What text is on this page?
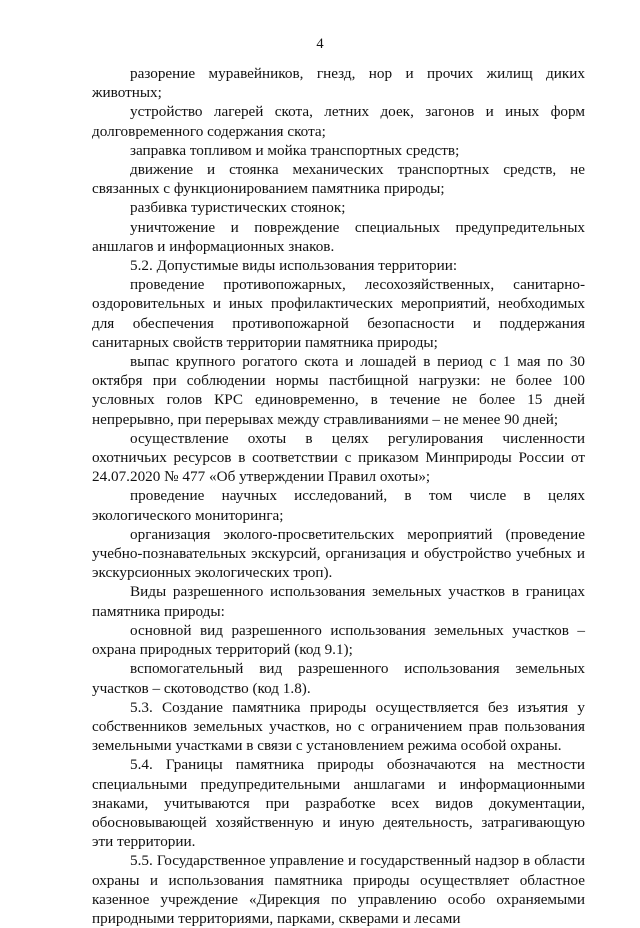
4

разорение муравейников, гнезд, нор и прочих жилищ диких животных;

устройство лагерей скота, летних доек, загонов и иных форм долговременного содержания скота;

заправка топливом и мойка транспортных средств;

движение и стоянка механических транспортных средств, не связанных с функционированием памятника природы;

разбивка туристических стоянок;

уничтожение и повреждение специальных предупредительных аншлагов и информационных знаков.

5.2. Допустимые виды использования территории:

проведение противопожарных, лесохозяйственных, санитарно-оздоровительных и иных профилактических мероприятий, необходимых для обеспечения противопожарной безопасности и поддержания санитарных свойств территории памятника природы;

выпас крупного рогатого скота и лошадей в период с 1 мая по 30 октября при соблюдении нормы пастбищной нагрузки: не более 100 условных голов КРС единовременно, в течение не более 15 дней непрерывно, при перерывах между стравливаниями – не менее 90 дней;

осуществление охоты в целях регулирования численности охотничьих ресурсов в соответствии с приказом Минприроды России от 24.07.2020 № 477 «Об утверждении Правил охоты»;

проведение научных исследований, в том числе в целях экологического мониторинга;

организация эколого-просветительских мероприятий (проведение учебно-познавательных экскурсий, организация и обустройство учебных и экскурсионных экологических троп).

Виды разрешенного использования земельных участков в границах памятника природы:

основной вид разрешенного использования земельных участков – охрана природных территорий (код 9.1);

вспомогательный вид разрешенного использования земельных участков – скотоводство (код 1.8).

5.3. Создание памятника природы осуществляется без изъятия у собственников земельных участков, но с ограничением прав пользования земельными участками в связи с установлением режима особой охраны.

5.4. Границы памятника природы обозначаются на местности специальными предупредительными аншлагами и информационными знаками, учитываются при разработке всех видов документации, обосновывающей хозяйственную и иную деятельность, затрагивающую эти территории.

5.5. Государственное управление и государственный надзор в области охраны и использования памятника природы осуществляет областное казенное учреждение «Дирекция по управлению особо охраняемыми природными территориями, парками, скверами и лесами
